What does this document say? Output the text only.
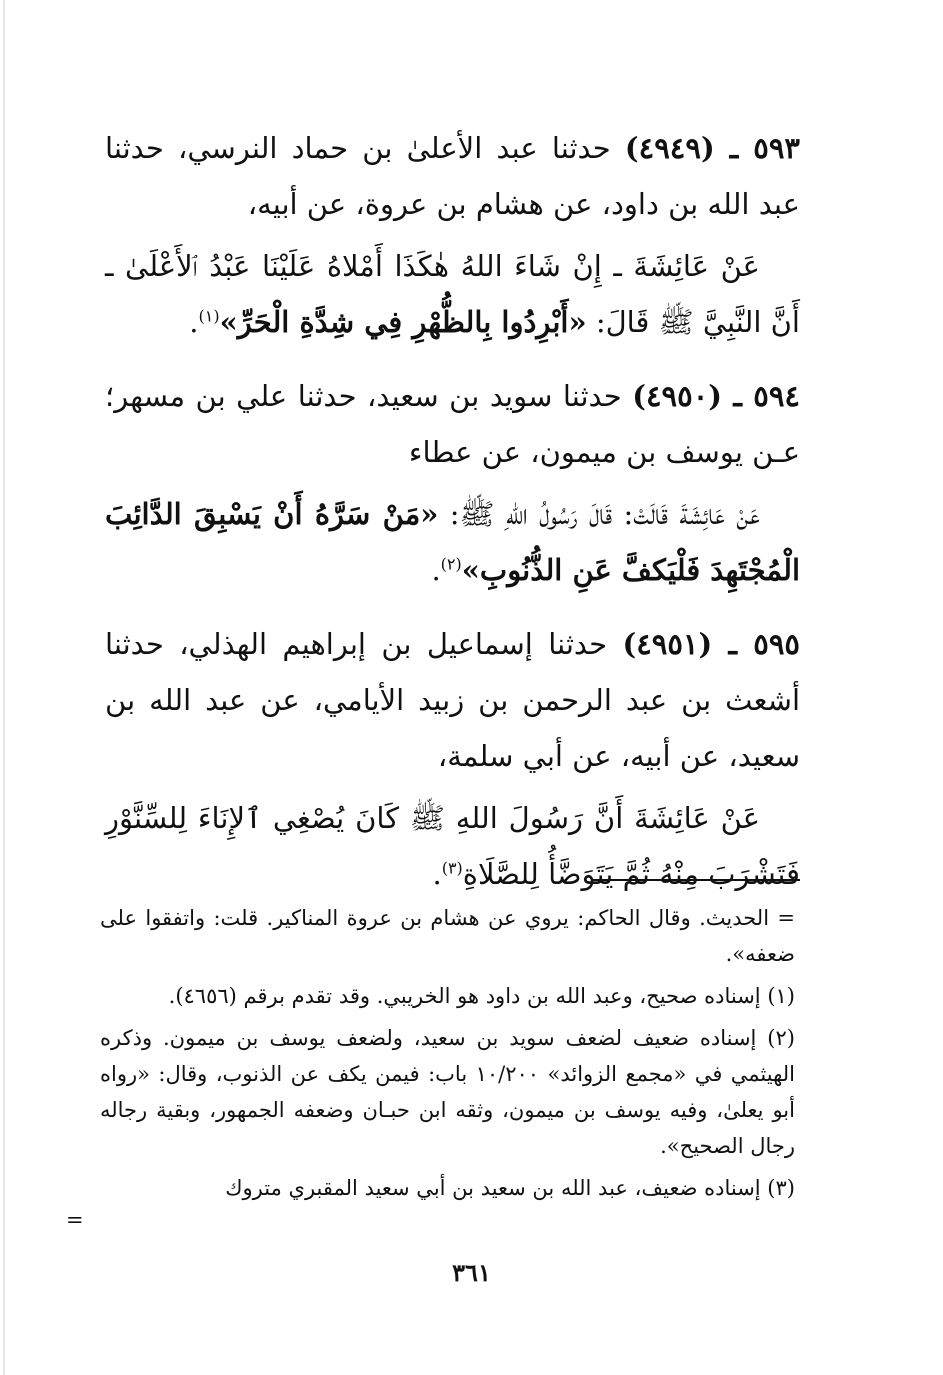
٥٩٣ ـ (٤٩٤٩) حدثنا عبد الأعلىٰ بن حماد النرسي، حدثنا عبد الله بن داود، عن هشام بن عروة، عن أبيه،

عَنْ عَائِشَةَ ـ إِنْ شَاءَ اللهُ هٰكَذَا أَمْلاهُ عَلَيْنَا عَبْدُ ٱلأَعْلَىٰ ـ أَنَّ النَّبِيَّ ﷺ قَالَ: «أَبْرِدُوا بِالظُّهْرِ فِي شِدَّةِ الْحَرِّ»$^{(١)}$.

٥٩٤ ـ (٤٩٥٠) حدثنا سويد بن سعيد، حدثنا علي بن مسهر؛ عـن يوسف بن ميمون، عن عطاء

عَنْ عَائِشَةَ قَالَتْ: قَالَ رَسُولُ اللهِ ﷺ: «مَنْ سَرَّهُ أَنْ يَسْبِقَ الدَّائِبَ الْمُجْتَهِدَ فَلْيَكفَّ عَنِ الذُّنُوبِ»$^{(٢)}$.

٥٩٥ ـ (٤٩٥١) حدثنا إسماعيل بن إبراهيم الهذلي، حدثنا أشعث بن عبد الرحمن بن زبيد الأيامي، عن عبد الله بن سعيد، عن أبيه، عن أبي سلمة،

عَنْ عَائِشَةَ أَنَّ رَسُولَ اللهِ ﷺ كَانَ يُصْغِي ٱلإِنَاءَ لِلسِّنَّوْرِ فَتَشْرَبَ مِنْهُ ثُمَّ يَتَوَضَّأُ لِلصَّلَاةِ$^{(٣)}$.

= الحديث. وقال الحاكم: يروي عن هشام بن عروة المناكير. قلت: واتفقوا على ضعفه».

(١) إسناده صحيح، وعبد الله بن داود هو الخريبي. وقد تقدم برقم (٤٦٥٦).

(٢) إسناده ضعيف لضعف سويد بن سعيد، ولضعف يوسف بن ميمون. وذكره الهيثمي في «مجمع الزوائد» ١٠/٢٠٠ باب: فيمن يكف عن الذنوب، وقال: «رواه أبو يعلىٰ، وفيه يوسف بن ميمون، وثقه ابن حبـان وضعفه الجمهور، وبقية رجاله رجال الصحيح».

(٣) إسناده ضعيف، عبد الله بن سعيد بن أبي سعيد المقبري متروك

=
٣٦١
